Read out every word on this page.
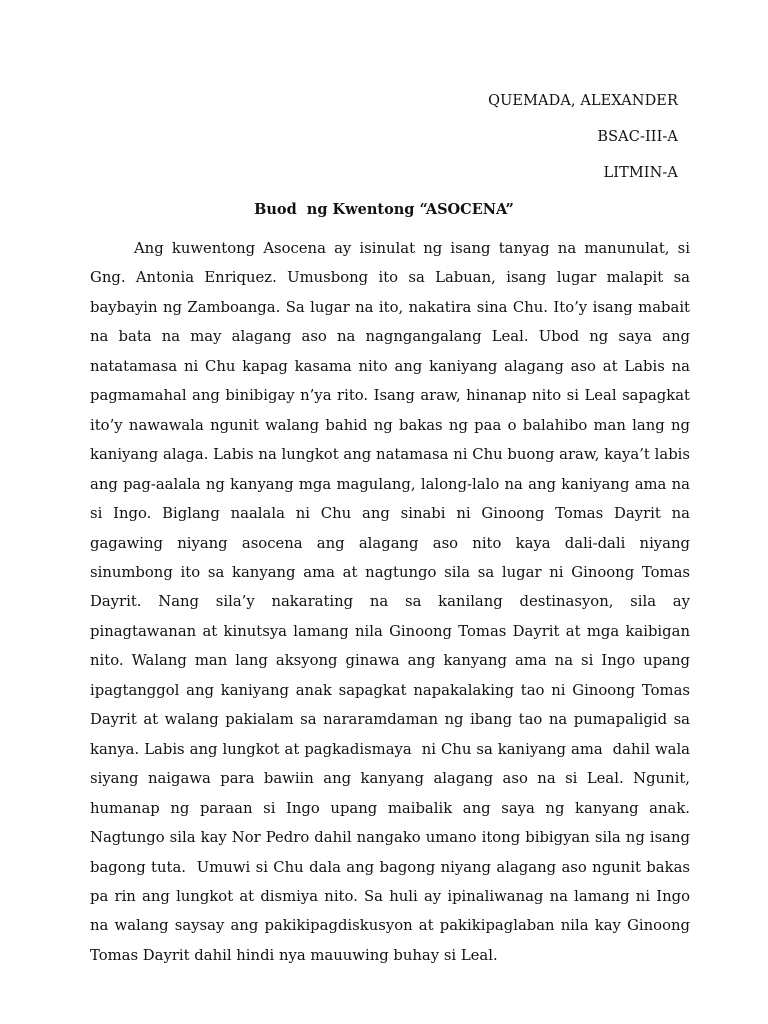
QUEMADA, ALEXANDER
BSAC-III-A
LITMIN-A
Buod  ng Kwentong “ASOCENA”

Ang kuwentong Asocena ay isinulat ng isang tanyag na manunulat, si Gng. Antonia Enriquez. Umusbong ito sa Labuan, isang lugar malapit sa baybayin ng Zamboanga. Sa lugar na ito, nakatira sina Chu. Ito’y isang mabait na bata na may alagang aso na nagngangalang Leal. Ubod ng saya ang natatamasa ni Chu kapag kasama nito ang kaniyang alagang aso at Labis na pagmamahal ang binibigay n’ya rito. Isang araw, hinanap nito si Leal sapagkat ito’y nawawala ngunit walang bahid ng bakas ng paa o balahibo man lang ng kaniyang alaga. Labis na lungkot ang natamasa ni Chu buong araw, kaya’t labis ang pag-aalala ng kanyang mga magulang, lalong-lalo na ang kaniyang ama na si Ingo. Biglang naalala ni Chu ang sinabi ni Ginoong Tomas Dayrit na gagawing niyang asocena ang alagang aso nito kaya dali-dali niyang sinumbong ito sa kanyang ama at nagtungo sila sa lugar ni Ginoong Tomas Dayrit. Nang sila’y nakarating na sa kanilang destinasyon, sila ay pinagtawanan at kinutsya lamang nila Ginoong Tomas Dayrit at mga kaibigan nito. Walang man lang aksyong ginawa ang kanyang ama na si Ingo upang ipagtanggol ang kaniyang anak sapagkat napakalaking tao ni Ginoong Tomas Dayrit at walang pakialam sa nararamdaman ng ibang tao na pumapaligid sa kanya. Labis ang lungkot at pagkadismaya  ni Chu sa kaniyang ama  dahil wala siyang naigawa para bawiin ang kanyang alagang aso na si Leal. Ngunit, humanap ng paraan si Ingo upang maibalik ang saya ng kanyang anak. Nagtungo sila kay Nor Pedro dahil nangako umano itong bibigyan sila ng isang bagong tuta.  Umuwi si Chu dala ang bagong niyang alagang aso ngunit bakas pa rin ang lungkot at dismiya nito. Sa huli ay ipinaliwanag na lamang ni Ingo na walang saysay ang pakikipagdiskusyon at pakikipaglaban nila kay Ginoong Tomas Dayrit dahil hindi nya mauuwing buhay si Leal.
